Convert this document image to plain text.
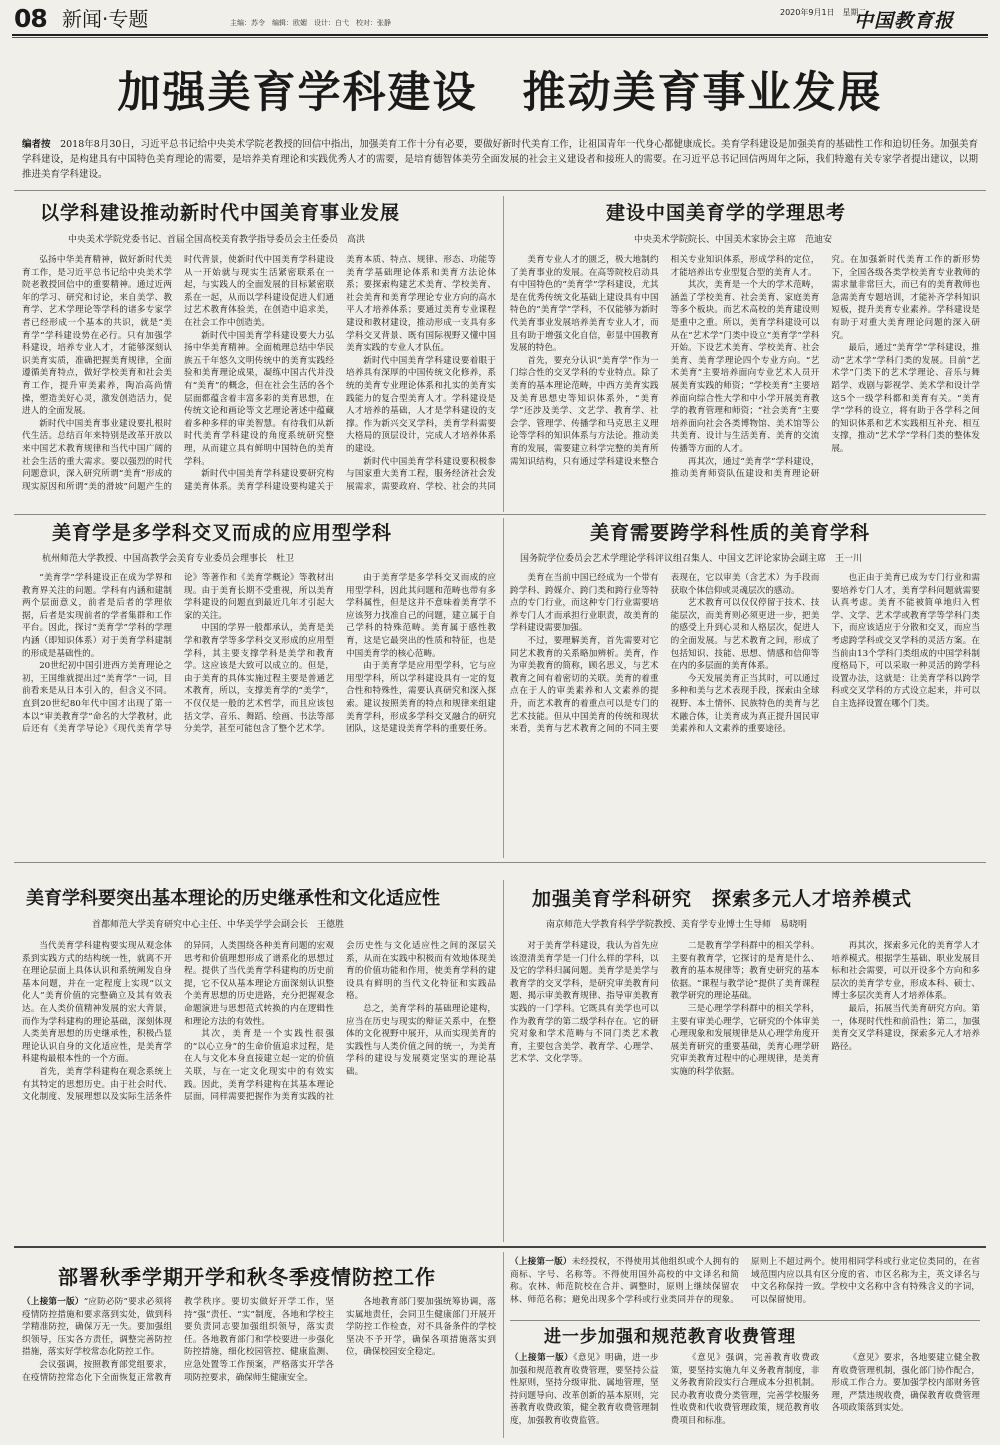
08 新闻·专题	主编：苏令　编辑：欧媚　设计：白弋　校对：张静
2020年9月1日　星期二
中国教育报
加强美育学科建设　推动美育事业发展
编者按　 2018年8月30日，习近平总书记给中央美术学院老教授的回信中指出，加强美育工作十分有必要，要做好新时代美育工作，让祖国青年一代身心都健康成长。美育学科建设是加强美育的基础性工作和迫切任务。加强美育学科建设，是构建具有中国特色美育理论的需要，是培养美育理论和实践优秀人才的需要，是培育德智体美劳全面发展的社会主义建设者和接班人的需要。在习近平总书记回信两周年之际，我们特邀有关专家学者提出建议，以期推进美育学科建设。
以学科建设推动新时代中国美育事业发展
中央美术学院党委书记、首届全国高校美育教学指导委员会主任委员　高洪

弘扬中华美育精神，做好新时代美育工作，是习近平总书记给中央美术学院老教授回信中的重要精神。通过近两年的学习、研究和讨论，来自美学、教育学、艺术学理论等学科的诸多专家学者已经形成一个基本的共识，就是“美育学”学科建设势在必行。只有加强学科建设，培养专业人才，才能够深刻认识美育实质，准确把握美育规律，全面遵循美育特点，做好学校美育和社会美育工作，提升审美素养，陶冶高尚情操，塑造美好心灵，激发创造活力，促进人的全面发展。

新时代中国美育事业建设要扎根时代生活。总结百年来特别是改革开放以来中国艺术教育规律和当代中国广阔的社会生活的重大需求。要以强烈的时代问题意识，深入研究所谓“美育”形成的现实原因和所谓“美的滑坡”问题产生的时代背景，使新时代中国美育学科建设从一开始就与现实生活紧密联系在一起，与实践人的全面发展的目标紧密联系在一起，从而以学科建设促进人们通过艺术教育体验美，在创造中追求美，在社会工作中创造美。

新时代中国美育学科建设要大力弘扬中华美育精神。全面梳理总结中华民族五千年悠久文明传统中的美育实践经验和美育理论成果，凝练中国古代并没有“美育”的概念，但在社会生活的各个层面都蕴含着丰富多彩的美育思想，在传统文论和画论等文艺理论著述中蕴藏着多种多样的审美智慧。有待我们从新时代美育学科建设的角度系统研究整理，从而建立具有鲜明中国特色的美育学科。

新时代中国美育学科建设要研究构建美育体系。美育学科建设要构建关于美育本质、特点、规律、形态、功能等美育学基础理论体系和美育方法论体系；要探索构建艺术美育、学校美育、社会美育和美育学理论专业方向的高水平人才培养体系；要通过美育专业课程建设和教材建设，推动形成一支具有多学科交叉背景、既有国际视野又懂中国美育实践的专业人才队伍。

新时代中国美育学科建设要着眼于培养具有深厚的中国传统文化修养，系统的美育专业理论体系和扎实的美育实践能力的复合型美育人才。学科建设是人才培养的基础，人才是学科建设的支撑。作为新兴交叉学科，美育学科需要大格局的顶层设计，完成人才培养体系的建设。

新时代中国美育学科建设要积极参与国家重大美育工程，服务经济社会发展需求，需要政府、学校、社会的共同

建设中国美育学的学理思考
中央美术学院院长、中国美术家协会主席　范迪安

美育专业人才的匮乏，极大地制约了美育事业的发展。在高等院校启动具有中国特色的“美育学”学科建设，尤其是在优秀传统文化基础上建设具有中国特色的“美育学”学科，不仅能够为新时代美育事业发展培养美育专业人才，而且有助于增强文化自信，彰显中国教育发展的特色。

首先，要充分认识“美育学”作为一门综合性的交叉学科的专业特点。除了美育的基本理论范畴，中西方美育实践及美育思想史等知识体系外，“美育学”还涉及美学、文艺学、教育学、社会学、管理学、传播学和马克思主义理论等学科的知识体系与方法论。推动美育的发展，需要建立科学完整的美育所需知识结构，只有通过学科建设来整合相关专业知识体系，形成学科的定位，才能培养出专业型复合型的美育人才。

其次，美育是一个大的学术范畴，涵盖了学校美育、社会美育、家庭美育等多个板块。而艺术高校的美育建设则是重中之重。所以，美育学科建设可以从在“艺术学”门类中设立“美育学”学科开始。下设艺术美育、学校美育、社会美育、美育学理论四个专业方向。“艺术美育”主要培养面向专业艺术人员开展美育实践的师资；“学校美育”主要培养面向综合性大学和中小学开展美育教学的教育管理和师资；“社会美育”主要培养面向社会各类博物馆、美术馆等公共美育、设计与生活美育、美育的交流传播等方面的人才。

再其次，通过“美育学”学科建设，推动美育师资队伍建设和美育理论研究。在加强新时代美育工作的新形势下，全国各级各类学校美育专业教师的需求量非常巨大，而已有的美育教师也急需美育专题培训，才能补齐学科知识短板，提升美育专业素养。学科建设是有助于对重大美育理论问题的深入研究。

最后，通过“美育学”学科建设，推动“艺术学”学科门类的发展。目前“艺术学”门类下的艺术学理论、音乐与舞蹈学、戏剧与影视学、美术学和设计学这5个一级学科都和美育有关。“美育学”学科的设立，将有助于各学科之间的知识体系和艺术实践相互补充、相互支撑，推动“艺术学”学科门类的整体发展。

美育学是多学科交叉而成的应用型学科
杭州师范大学教授、中国高教学会美育专业委员会理事长　杜卫

“美育学”学科建设正在成为学界和教育界关注的问题。学科有内涵和建制两个层面意义，前者是后者的学理依据，后者是实现前者的学者集群和工作平台。因此，探讨“美育学”学科的学理内涵（即知识体系）对于美育学科建制的形成是基础性的。

20世纪初中国引进西方美育理论之初，王国维就提出过“美育学”一词，目前看来是从日本引入的，但含义不同。直到20世纪80年代中国才出现了第一本以“审美教育学”命名的大学教材，此后还有《美育学导论》《现代美育学导论》等著作和《美育学概论》等教材出现。由于美育长期不受重视，所以美育学科建设的问题直到最近几年才引起大家的关注。

中国的学界一般都承认，美育是美学和教育学等多学科交叉形成的应用型学科，其主要支撑学科是美学和教育学。这应该是大致可以成立的。但是，由于美育的具体实施过程主要是普通艺术教育，所以，支撑美育学的“美学”，不仅仅是一般的艺术哲学，而且应该包括文学、音乐、舞蹈、绘画、书法等部分美学，甚至可能包含了整个艺术学。

由于美育学是多学科交叉而成的应用型学科，因此其问题和范畴也带有多学科属性，但是这并不意味着美育学不应该努力找准自己的问题，建立属于自己学科的特殊范畴。美育属于感性教育，这是它最突出的性质和特征，也是中国美育学的核心范畴。

由于美育学是应用型学科，它与应用型学科，所以学科建设具有一定的复合性和特殊性，需要认真研究和深入探索。建议按照美育的特点和规律来组建美育学科，形成多学科交叉融合的研究团队，这是建设美育学科的重要任务。

美育需要跨学科性质的美育学科
国务院学位委员会艺术学理论学科评议组召集人、中国文艺评论家协会副主席　王一川

美育在当前中国已经成为一个带有跨学科、跨媒介、跨门类和跨行业等特点的专门行业，而这种专门行业需要培养专门人才而承担行业职责，故美育的学科建设需要加强。

不过，要理解美育，首先需要对它同艺术教育的关系略加辨析。美育，作为审美教育的简称，顾名思义，与艺术教育之间有着密切的关联。美育的着重点在于人的审美素养和人文素养的提升，而艺术教育的着重点可以是专门的艺术技能。但从中国美育的传统和现状来看，美育与艺术教育之间的不同主要表现在，它以审美（含艺术）为手段而获取个体信仰或灵魂层次的感动。

艺术教育可以仅仅停留于技术、技能层次，而美育则必须更进一步，把美的感受上升到心灵和人格层次，促进人的全面发展。与艺术教育之间，形成了包括知识、技能、思想、情感和信仰等在内的多层面的美育体系。

今天发展美育正当其时，可以通过多种和美与艺术表现手段，探索由全球视野、本土情怀、民族特色的美育与艺术融合体，让美育成为真正提升国民审美素养和人文素养的重要途径。

也正由于美育已成为专门行业和需要培养专门人才，美育学科问题就需要认真考虑。美育不能被简单地归入哲学、文学、艺术学或教育学等学科门类下，而应该适应于分散和交叉，而应当考虑跨学科或交叉学科的灵活方案。在当前由13个学科门类组成的中国学科制度格局下，可以采取一种灵活的跨学科设置办法，这就是：让美育学科以跨学科或交叉学科的方式设立起来，并可以自主选择设置在哪个门类。

美育学科要突出基本理论的历史继承性和文化适应性
首都师范大学美育研究中心主任、中华美学学会副会长　王德胜

当代美育学科建构要实现从观念体系到实践方式的结构统一性，就离不开在理论层面上具体认识和系统阐发自身基本问题，并在一定程度上实现“以文化人”美育价值的完整确立及其有效表达。在人类价值精神发展的宏大背景，而作为学科建构的理论基础，深刻体现人类美育思想的历史继承性，积极凸显理论认识自身的文化适应性，是美育学科建构最根本性的一个方面。

首先，美育学科建构在观念系统上有其特定的思想历史。由于社会时代、文化制度、发展理想以及实际生活条件的异同，人类围绕各种美育问题的宏观思考和价值理想形成了谱系化的思想过程。提供了当代美育学科建构的历史前提，它不仅从基本理论方面深刻认识整个美育思想的历史进路，充分把握观念命题演进与思想范式转换的内在逻辑性和理论方法的有效性。

其次，美育是一个实践性很强的“以心立身”的生命价值追求过程，是在人与文化本身直接建立起一定的价值关联，与在一定文化现实中的有效实践。因此，美育学科建构在其基本理论层面，同样需要把握作为美育实践的社会历史性与文化适应性之间的深层关系，从而在实践中积极而有效地体现美育的价值功能和作用，使美育学科的建设具有鲜明的当代文化特征和实践品格。

总之，美育学科的基础理论建构，应当在历史与现实的辩证关系中，在整体的文化视野中展开，从而实现美育的实践性与人类价值之间的统一，为美育学科的建设与发展奠定坚实的理论基础。

加强美育学科研究　探索多元人才培养模式
南京师范大学教育科学学院教授、美育学专业博士生导师　易晓明

对于美育学科建设，我认为首先应该澄清美育学是一门什么样的学科，以及它的学科归属问题。美育学是美学与教育学的交叉学科，是研究审美教育问题、揭示审美教育规律、指导审美教育实践的一门学科。它既具有美学也可以作为教育学的第二级学科存在。它的研究对象和学术范畴与不同门类艺术教育，主要包含美学、教育学、心理学、艺术学、文化学等。

二是教育学学科群中的相关学科。主要有教育学，它探讨的是育是什么、教育的基本规律等；教育史研究的基本依据。“课程与教学论”提供了美育课程教学研究的理论基础。

三是心理学学科群中的相关学科，主要有审美心理学，它研究的个体审美心理现象和发展规律是从心理学角度开展美育研究的重要基础，美育心理学研究审美教育过程中的心理规律，是美育实施的科学依据。

再其次，探索多元化的美育学人才培养模式。根据学生基础、职业发展目标和社会需要，可以开设多个方向和多层次的美育学专业，形成本科、硕士、博士多层次美育人才培养体系。

最后，拓展当代美育研究方向。第一，体现时代性和前沿性；第二，加强美育交叉学科建设，探索多元人才培养路径。

部署秋季学期开学和秋冬季疫情防控工作

（上接第一版）“应防必防”要求必须将疫情防控措施和要求落到实处，做到科学精准防控，确保万无一失。要加强组织领导，压实各方责任，调整完善防控措施，落实好学校常态化防控工作。

会议强调，按照教育部党组要求，在疫情防控常态化下全面恢复正常教育教学秩序。要切实做好开学工作，坚持“强”责任、“实”制度，各地和学校主要负责同志要加强组织领导，落实责任。各地教育部门和学校要进一步强化防控措施，细化校园管控、健康监测、应急处置等工作预案，严格落实开学各项防控要求，确保师生健康安全。

各地教育部门要加强统筹协调，落实属地责任，会同卫生健康部门开展开学防控工作检查，对不具备条件的学校坚决不予开学，确保各项措施落实到位，确保校园安全稳定。

（上接第一版）未经授权，不得使用其他组织或个人拥有的商标、字号、名称等。不得使用国外高校的中文译名和简称。农林、师范院校在合并、调整时，原则上继续保留农林、师范名称；避免出现多个学科或行业类同并存的现象。原则上不超过两个。使用相同学科或行业定位类同的，在省域范围内应以具有区分度的省、市区名称为主，英文译名与中文名称保持一致。学校中文名称中含有特殊含义的字词，可以保留使用。

进一步加强和规范教育收费管理

（上接第一版）《意见》明确，进一步加强和规范教育收费管理，要坚持公益性原则，坚持分级审批、属地管理，坚持问题导向、改革创新的基本原则，完善教育收费政策，健全教育收费管理制度，加强教育收费监管。

《意见》强调，完善教育收费政策，要坚持实施九年义务教育制度，非义务教育阶段实行合理成本分担机制。民办教育收费分类管理，完善学校服务性收费和代收费管理政策，规范教育收费项目和标准。

《意见》要求，各地要建立健全教育收费管理机制，强化部门协作配合，形成工作合力。要加强学校内部财务管理，严禁违规收费，确保教育收费管理各项政策落到实处。
